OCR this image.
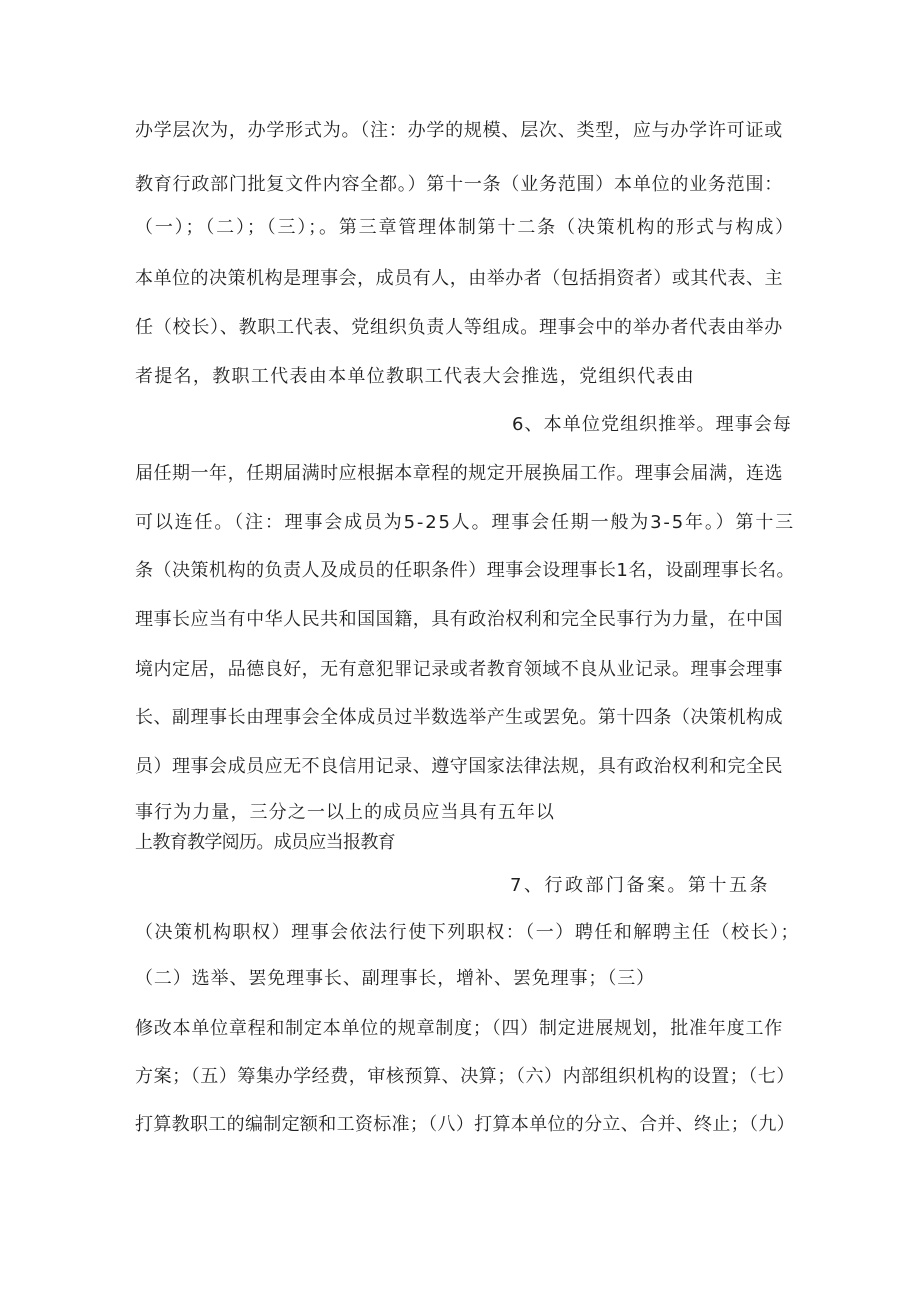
办学层次为，办学形式为。（注：办学的规模、层次、类型，应与办学许可证或
教育行政部门批复文件内容全都。）第十一条（业务范围）本单位的业务范围：
（一）；（二）；（三）；。第三章管理体制第十二条（决策机构的形式与构成）
本单位的决策机构是理事会，成员有人，由举办者（包括捐资者）或其代表、主
任（校长）、教职工代表、党组织负责人等组成。理事会中的举办者代表由举办
者提名，教职工代表由本单位教职工代表大会推选，党组织代表由
6、本单位党组织推举。理事会每
届任期一年，任期届满时应根据本章程的规定开展换届工作。理事会届满，连选
可以连任。（注：理事会成员为5-25人。理事会任期一般为3-5年。）第十三
条（决策机构的负责人及成员的任职条件）理事会设理事长1名，设副理事长名。
理事长应当有中华人民共和国国籍，具有政治权利和完全民事行为力量，在中国
境内定居，品德良好，无有意犯罪记录或者教育领域不良从业记录。理事会理事
长、副理事长由理事会全体成员过半数选举产生或罢免。第十四条（决策机构成
员）理事会成员应无不良信用记录、遵守国家法律法规，具有政治权利和完全民
事行为力量，三分之一以上的成员应当具有五年以
上教育教学阅历。成员应当报教育
7、行政部门备案。第十五条
（决策机构职权）理事会依法行使下列职权：（一）聘任和解聘主任（校长）；
（二）选举、罢免理事长、副理事长，增补、罢免理事；（三）
修改本单位章程和制定本单位的规章制度；（四）制定进展规划，批准年度工作
方案；（五）筹集办学经费，审核预算、决算；（六）内部组织机构的设置；（七）
打算教职工的编制定额和工资标准；（八）打算本单位的分立、合并、终止；（九）
